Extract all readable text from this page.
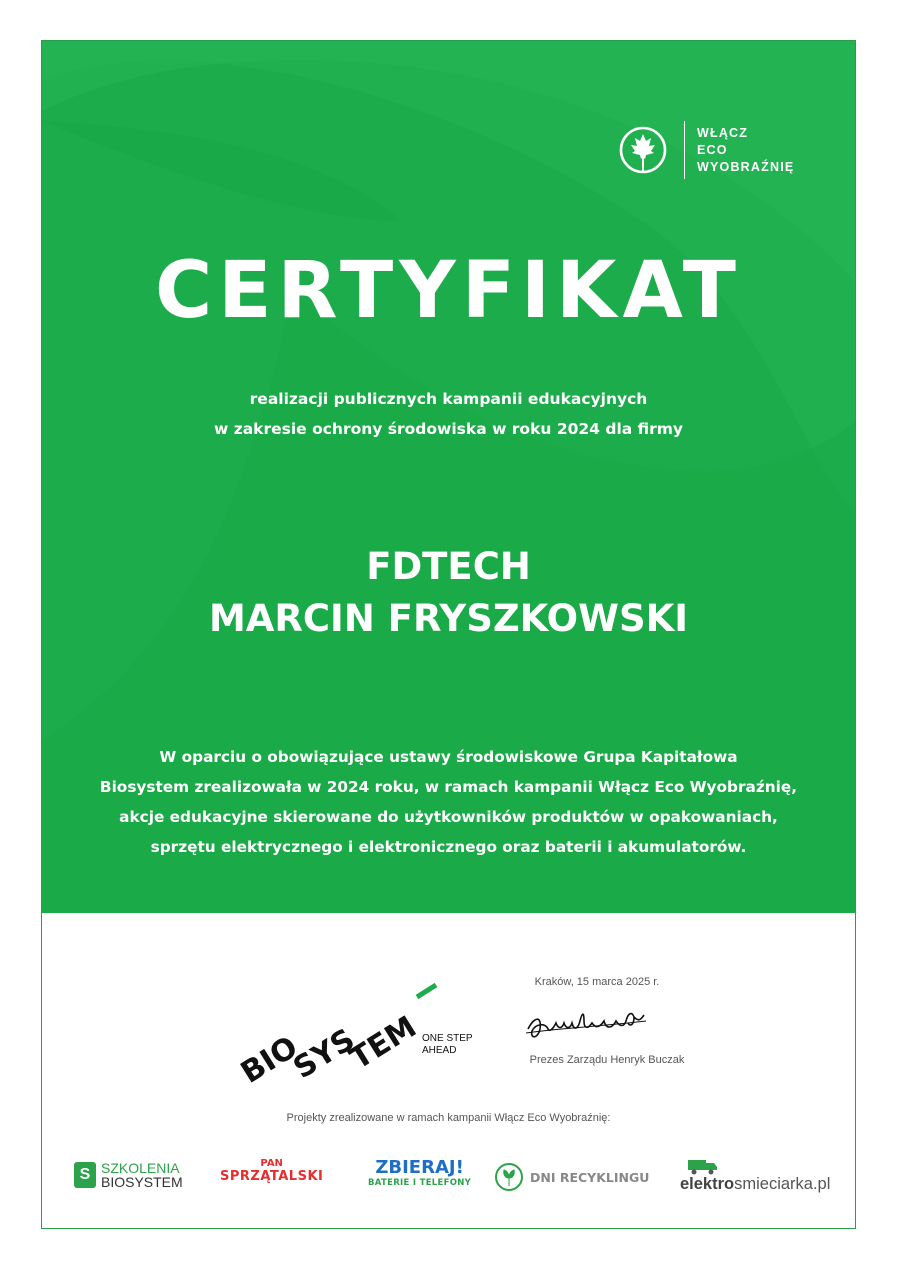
WŁĄCZ
ECO
WYOBRAŹNIĘ
CERTYFIKAT
realizacji publicznych kampanii edukacyjnych
w zakresie ochrony środowiska w roku 2024 dla firmy
FDTECH
MARCIN FRYSZKOWSKI
W oparciu o obowiązujące ustawy środowiskowe Grupa Kapitałowa
Biosystem zrealizowała w 2024 roku, w ramach kampanii Włącz Eco Wyobraźnię,
akcje edukacyjne skierowane do użytkowników produktów w opakowaniach,
sprzętu elektrycznego i elektronicznego oraz baterii i akumulatorów.
BIO
SYS
TEM ONE STEP
AHEAD
Kraków, 15 marca 2025 r.
Prezes Zarządu Henryk Buczak
Projekty zrealizowane w ramach kampanii Włącz Eco Wyobraźnię:
S SZKOLENIA
BIOSYSTEM
PAN
SPRZĄTALSKI	ZBIERAJ!
BATERIE I TELEFONY	DNI RECYKLINGU elektrosmieciarka.pl
